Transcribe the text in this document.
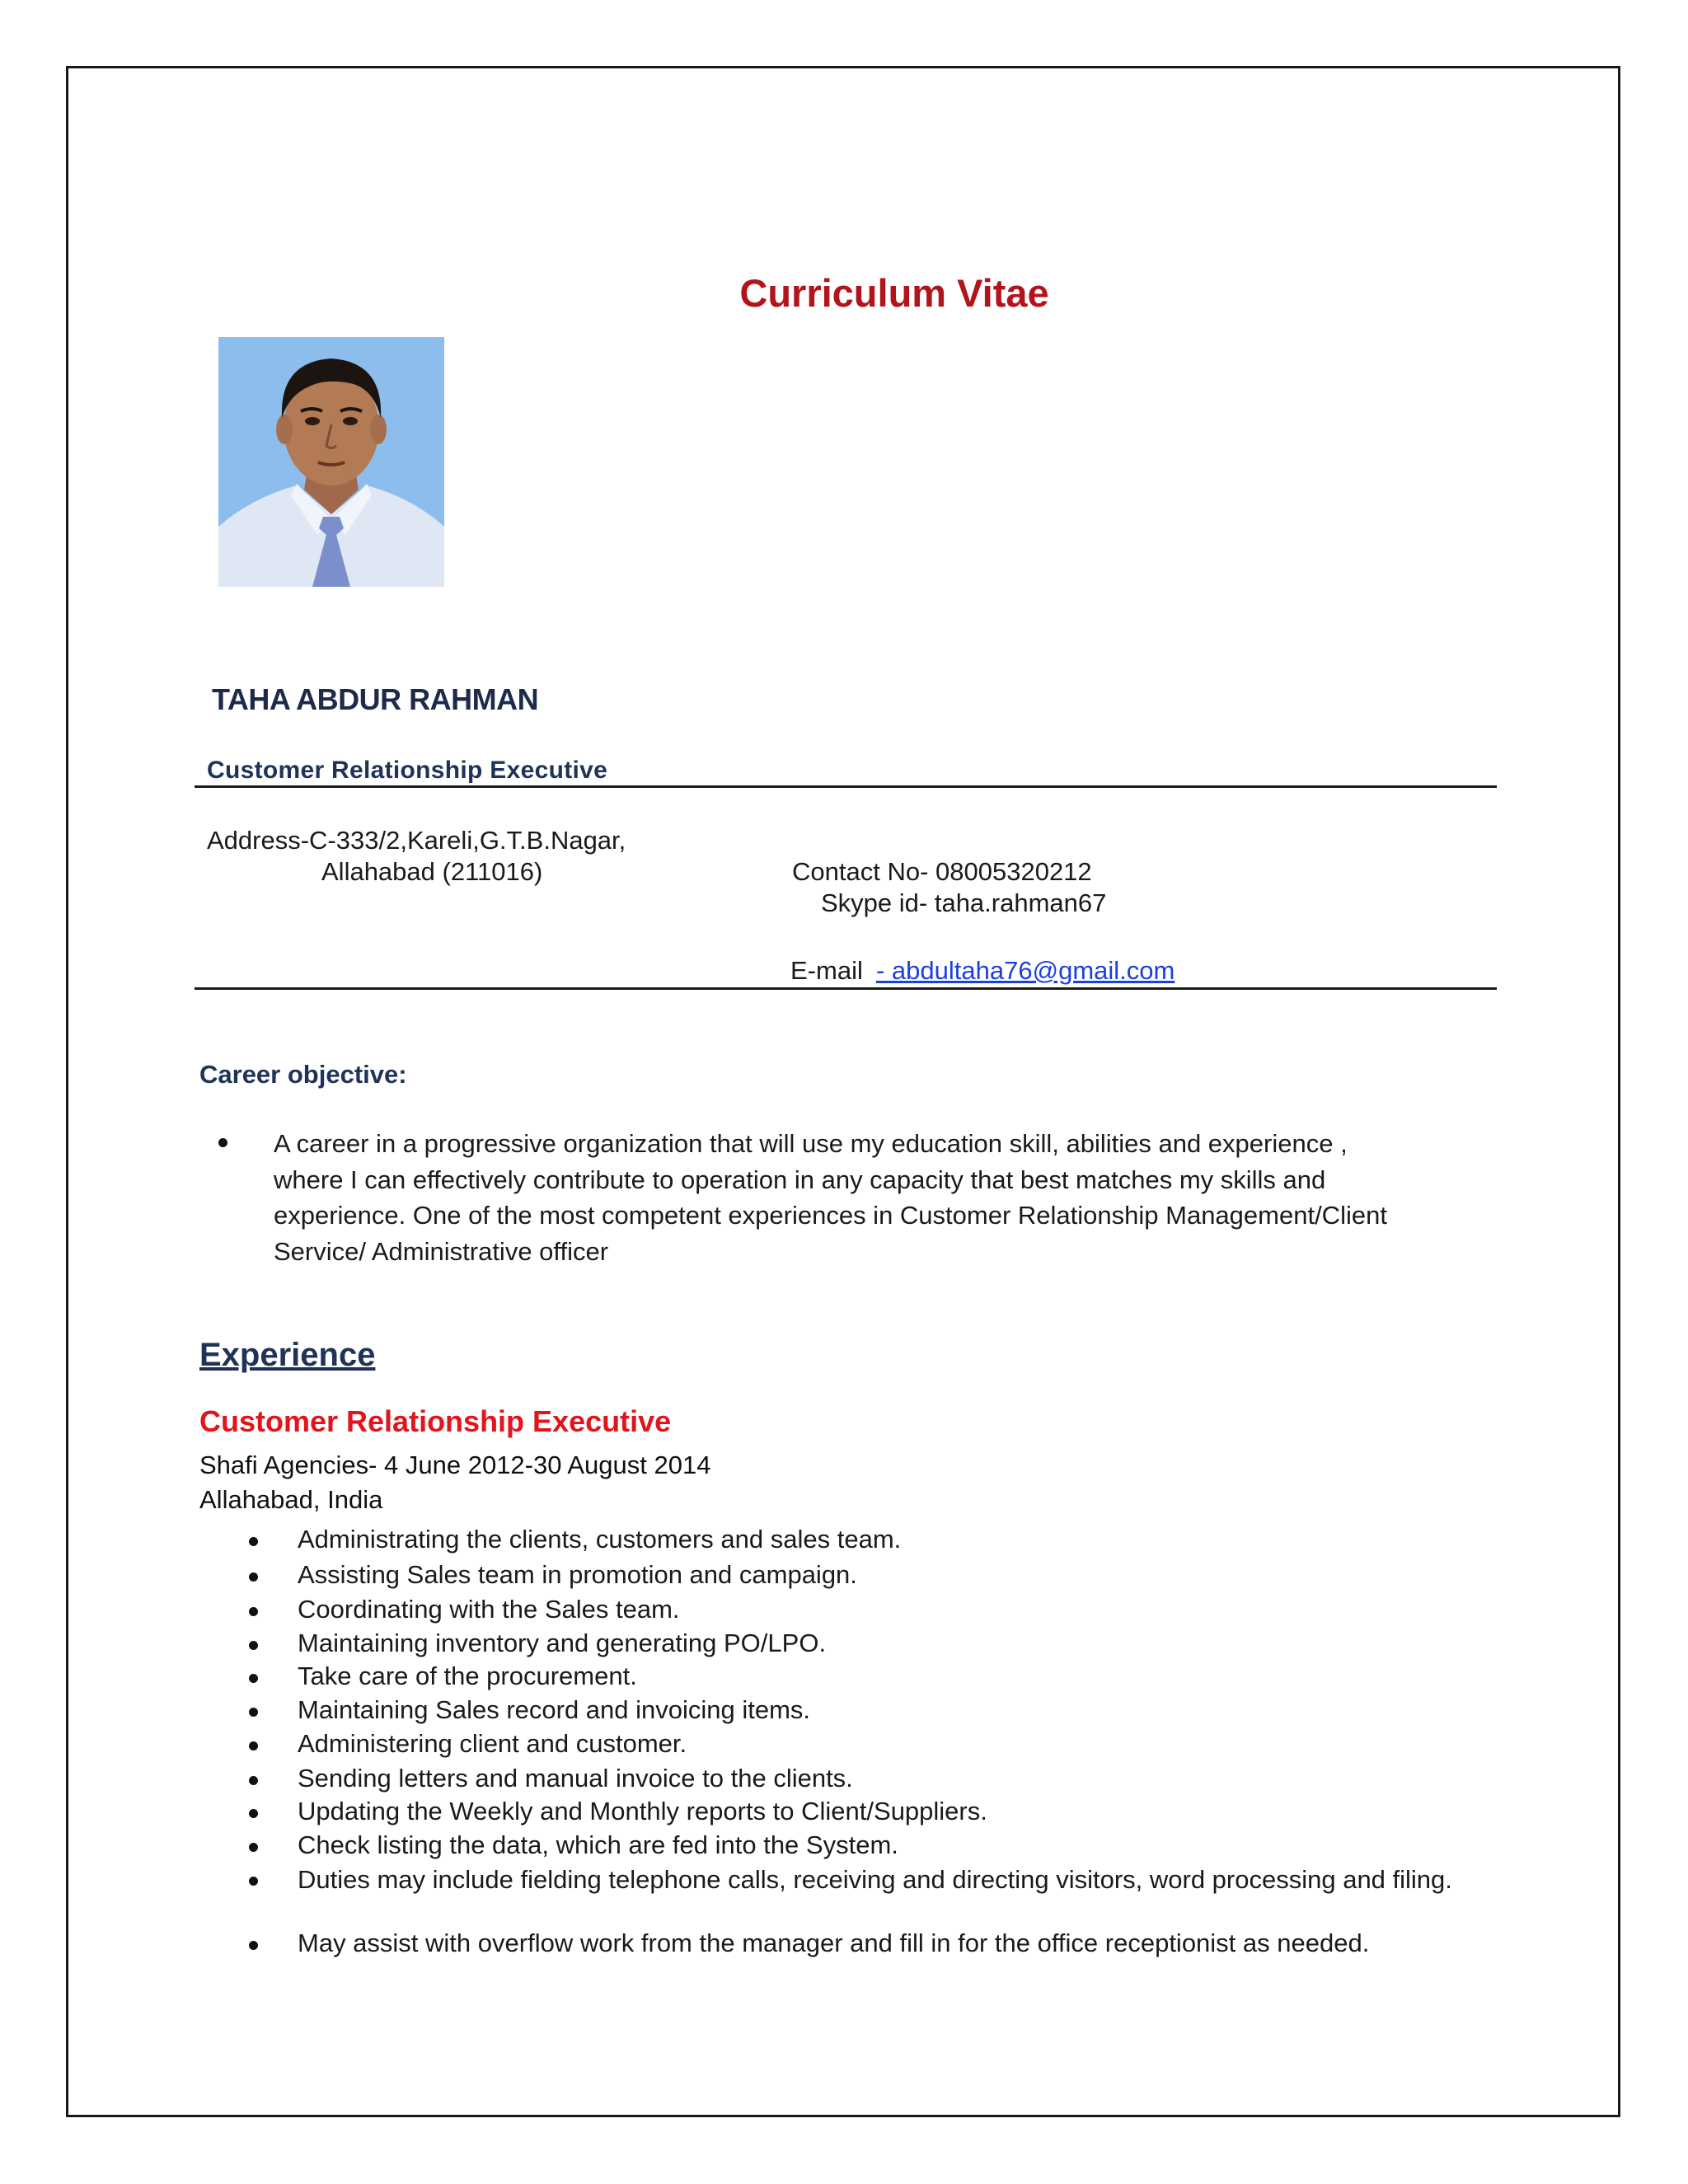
Curriculum Vitae
TAHA ABDUR RAHMAN
Customer Relationship Executive
Address-C-333/2,Kareli,G.T.B.Nagar,
Allahabad (211016)	Contact No- 08005320212
Skype id- taha.rahman67
E-mail - abdultaha76@gmail.com
Career objective:
A career in a progressive organization that will use my education skill, abilities and experience ,
where I can effectively contribute to operation in any capacity that best matches my skills and
experience. One of the most competent experiences in Customer Relationship Management/Client
Service/ Administrative officer
Experience
Customer Relationship Executive
Shafi Agencies- 4 June 2012-30 August 2014
Allahabad, India
Administrating the clients, customers and sales team.
Assisting Sales team in promotion and campaign.
Coordinating with the Sales team.
Maintaining inventory and generating PO/LPO.
Take care of the procurement.
Maintaining Sales record and invoicing items.
Administering client and customer.
Sending letters and manual invoice to the clients.
Updating the Weekly and Monthly reports to Client/Suppliers.
Check listing the data, which are fed into the System.
Duties may include fielding telephone calls, receiving and directing visitors, word processing and filing.
May assist with overflow work from the manager and fill in for the office receptionist as needed.
